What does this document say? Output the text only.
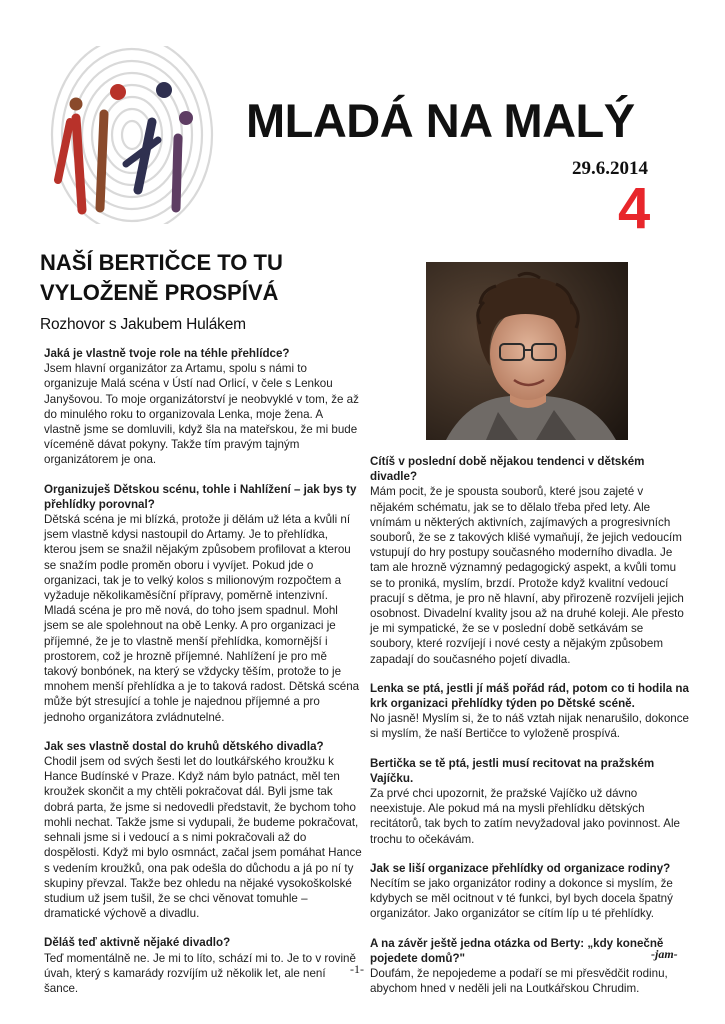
MLADÁ NA MALÝ
29.6.2014
4
NAŠÍ BERTIČCE TO TU
VYLOŽENĚ PROSPÍVÁ
Rozhovor s Jakubem Hulákem
Jaká je vlastně tvoje role na téhle přehlídce?
Jsem hlavní organizátor za Artamu, spolu s námi to organizuje Malá scéna v Ústí nad Orlicí, v čele s Lenkou Janyšovou. To moje organizátorství je neobvyklé v tom, že až do minulého roku to organizovala Lenka, moje žena. A vlastně jsme se domluvili, když šla na mateřskou, že mi bude víceméně dávat pokyny. Takže tím pravým tajným organizátorem je ona.
Organizuješ Dětskou scénu, tohle i Nahlížení – jak bys ty přehlídky porovnal?
Dětská scéna je mi blízká, protože ji dělám už léta a kvůli ní jsem vlastně kdysi nastoupil do Artamy. Je to přehlídka, kterou jsem se snažil nějakým způsobem profilovat a kterou se snažím podle proměn oboru i vyvíjet. Pokud jde o organizaci, tak je to velký kolos s milionovým rozpočtem a vyžaduje několikaměsíční přípravy, poměrně intenzivní. Mladá scéna je pro mě nová, do toho jsem spadnul. Mohl jsem se ale spolehnout na obě Lenky. A pro organizaci je příjemné, že je to vlastně menší přehlídka, komornější i prostorem, což je hrozně příjemné. Nahlížení je pro mě takový bonbónek, na který se vždycky těším, protože to je mnohem menší přehlídka a je to taková radost. Dětská scéna může být stresující a tohle je najednou příjemné a pro jednoho organizátora zvládnutelné.
Jak ses vlastně dostal do kruhů dětského divadla?
Chodil jsem od svých šesti let do loutkářského kroužku k Hance Budínské v Praze. Když nám bylo patnáct, měl ten kroužek skončit a my chtěli pokračovat dál. Byli jsme tak dobrá parta, že jsme si nedovedli představit, že bychom toho mohli nechat. Takže jsme si vydupali, že budeme pokračovat, sehnali jsme si i vedoucí a s nimi pokračovali až do dospělosti. Když mi bylo osmnáct, začal jsem pomáhat Hance s vedením kroužků, ona pak odešla do důchodu a já po ní ty skupiny převzal. Takže bez ohledu na nějaké vysokoškolské studium už jsem tušil, že se chci věnovat tomuhle – dramatické výchově a divadlu.
Děláš teď aktivně nějaké divadlo?
Teď momentálně ne. Je mi to líto, schází mi to. Je to v rovině úvah, který s kamarády rozvíjím už několik let, ale není šance.
Cítíš v poslední době nějakou tendenci v dětském divadle?
Mám pocit, že je spousta souborů, které jsou zajeté v nějakém schématu, jak se to dělalo třeba před lety. Ale vnímám u některých aktivních, zajímavých a progresivních souborů, že se z takových klišé vymaňují, že jejich vedoucím vstupují do hry postupy současného moderního divadla. Je tam ale hrozně významný pedagogický aspekt, a kvůli tomu se to proniká, myslím, brzdí. Protože když kvalitní vedoucí pracují s dětma, je pro ně hlavní, aby přirozeně rozvíjeli jejich osobnost. Divadelní kvality jsou až na druhé koleji. Ale přesto je mi sympatické, že se v poslední době setkávám se soubory, které rozvíjejí i nové cesty a nějakým způsobem zapadají do současného pojetí divadla.
Lenka se ptá, jestli jí máš pořád rád, potom co ti hodila na krk organizaci přehlídky týden po Dětské scéně.
No jasně! Myslím si, že to náš vztah nijak nenarušilo, dokonce si myslím, že naší Bertičce to vyloženě prospívá.
Bertička se tě ptá, jestli musí recitovat na pražském Vajíčku.
Za prvé chci upozornit, že pražské Vajíčko už dávno neexistuje. Ale pokud má na mysli přehlídku dětských recitátorů, tak bych to zatím nevyžadoval jako povinnost. Ale trochu to očekávám.
Jak se liší organizace přehlídky od organizace rodiny?
Necítím se jako organizátor rodiny a dokonce si myslím, že kdybych se měl ocitnout v té funkci, byl bych docela špatný organizátor. Jako organizátor se cítím líp u té přehlídky.
A na závěr ještě jedna otázka od Berty: „kdy konečně pojedete domů?"
Doufám, že nepojedeme a podaří se mi přesvědčit rodinu, abychom hned v neděli jeli na Loutkářskou Chrudim.
-jam-
-1-
